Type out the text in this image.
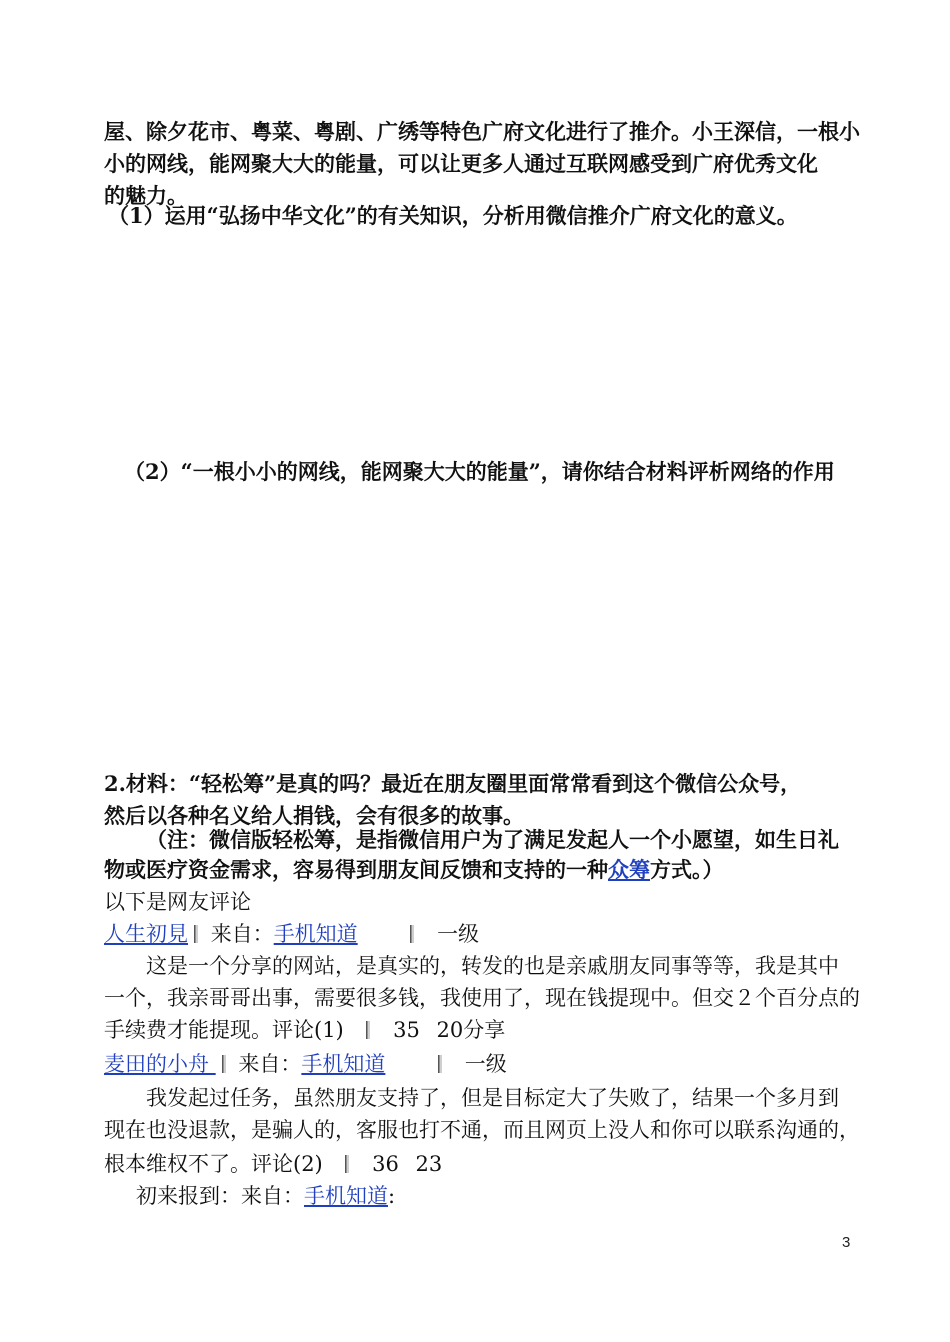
屋、除夕花市、粤菜、粤剧、广绣等特色广府文化进行了推介。小王深信，一根小
小的网线，能网聚大大的能量，可以让更多人通过互联网感受到广府优秀文化
的魅力。
（1）运用“弘扬中华文化”的有关知识，分析用微信推介广府文化的意义。
（2）“一根小小的网线，能网聚大大的能量”，请你结合材料评析网络的作用
2.材料：“轻松筹”是真的吗？最近在朋友圈里面常常看到这个微信公众号，
然后以各种名义给人捐钱，会有很多的故事。
（注：微信版轻松筹，是指微信用户为了满足发起人一个小愿望，如生日礼
物或医疗资金需求，容易得到朋友间反馈和支持的一种众筹方式。）
以下是网友评论
人生初見 来自：手机知道	一级
这是一个分享的网站，是真实的，转发的也是亲戚朋友同事等等，我是其中
一个，我亲哥哥出事，需要很多钱，我使用了，现在钱提现中。但交２个百分点的
手续费才能提现。评论(1) 35 20分享
麦田的小舟  来自：手机知道	一级
我发起过任务，虽然朋友支持了，但是目标定大了失败了，结果一个多月到
现在也没退款，是骗人的，客服也打不通，而且网页上没人和你可以联系沟通的，
根本维权不了。评论(2) 36 23
初来报到：来自：手机知道:
3
